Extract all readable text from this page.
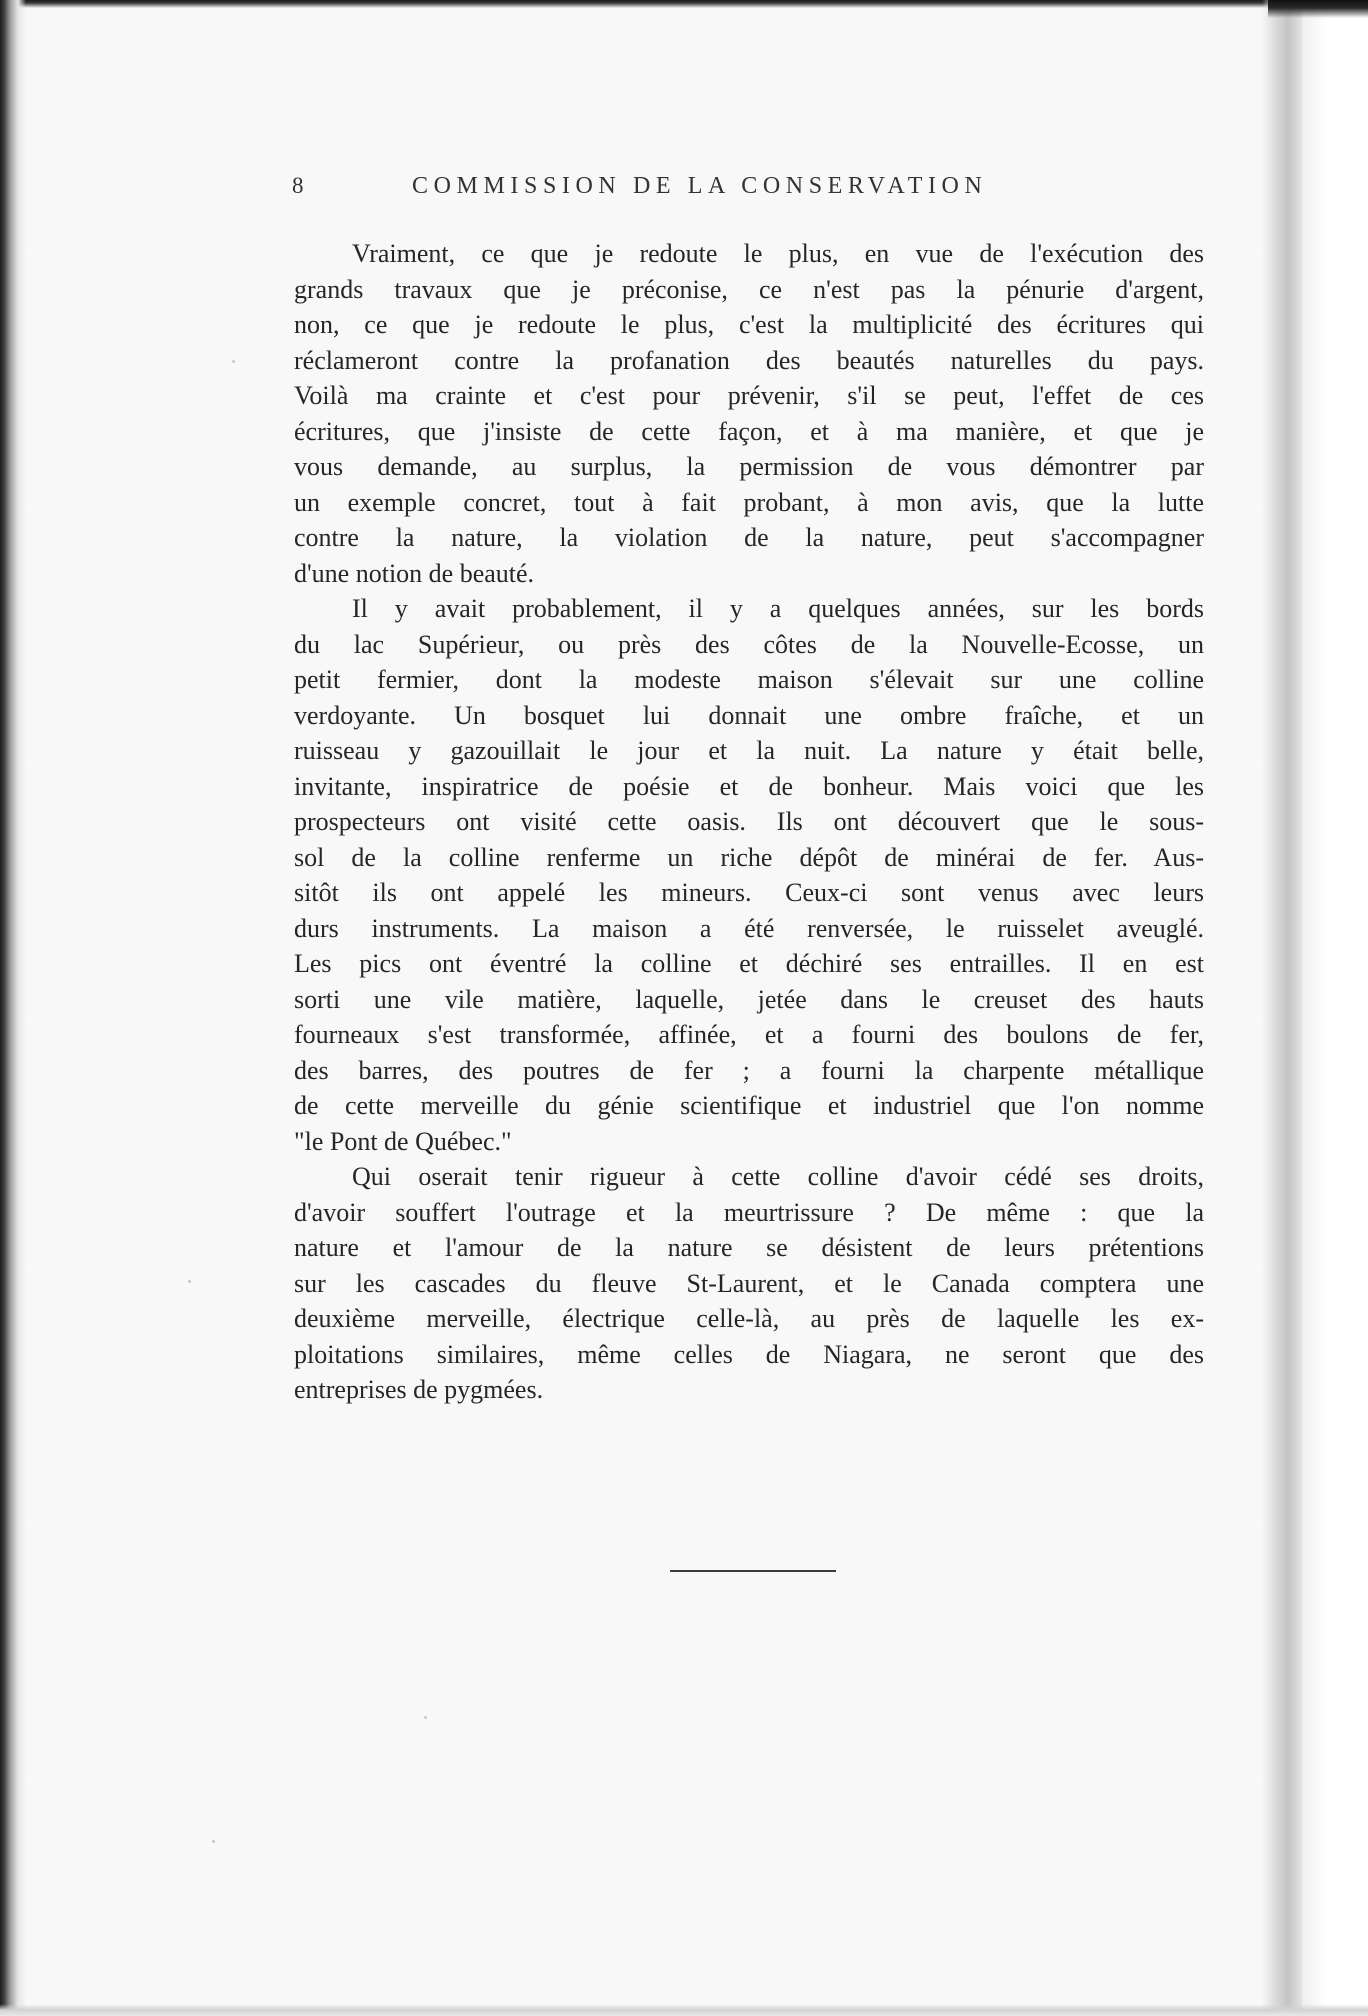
8	COMMISSION DE LA CONSERVATION
Vraiment, ce que je redoute le plus, en vue de l'exécution des
grands travaux que je préconise, ce n'est pas la pénurie d'argent,
non, ce que je redoute le plus, c'est la multiplicité des écritures qui
réclameront contre la profanation des beautés naturelles du pays.
Voilà ma crainte et c'est pour prévenir, s'il se peut, l'effet de ces
écritures, que j'insiste de cette façon, et à ma manière, et que je
vous demande, au surplus, la permission de vous démontrer par
un exemple concret, tout à fait probant, à mon avis, que la lutte
contre la nature, la violation de la nature, peut s'accompagner
d'une notion de beauté.
Il y avait probablement, il y a quelques années, sur les bords
du lac Supérieur, ou près des côtes de la Nouvelle-Ecosse, un
petit fermier, dont la modeste maison s'élevait sur une colline
verdoyante. Un bosquet lui donnait une ombre fraîche, et un
ruisseau y gazouillait le jour et la nuit. La nature y était belle,
invitante, inspiratrice de poésie et de bonheur. Mais voici que les
prospecteurs ont visité cette oasis. Ils ont découvert que le sous-
sol de la colline renferme un riche dépôt de minérai de fer. Aus-
sitôt ils ont appelé les mineurs. Ceux-ci sont venus avec leurs
durs instruments. La maison a été renversée, le ruisselet aveuglé.
Les pics ont éventré la colline et déchiré ses entrailles. Il en est
sorti une vile matière, laquelle, jetée dans le creuset des hauts
fourneaux s'est transformée, affinée, et a fourni des boulons de fer,
des barres, des poutres de fer ; a fourni la charpente métallique
de cette merveille du génie scientifique et industriel que l'on nomme
"le Pont de Québec."
Qui oserait tenir rigueur à cette colline d'avoir cédé ses droits,
d'avoir souffert l'outrage et la meurtrissure ? De même : que la
nature et l'amour de la nature se désistent de leurs prétentions
sur les cascades du fleuve St-Laurent, et le Canada comptera une
deuxième merveille, électrique celle-là, au près de laquelle les ex-
ploitations similaires, même celles de Niagara, ne seront que des
entreprises de pygmées.
